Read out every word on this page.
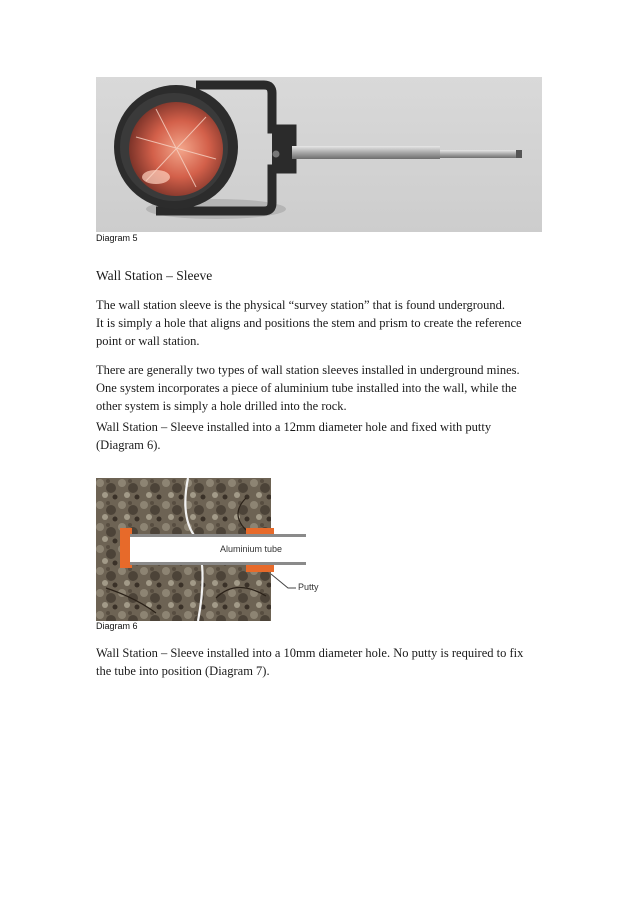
Diagram 5
Wall Station – Sleeve

The wall station sleeve is the physical “survey station” that is found underground.
It is simply a hole that aligns and positions the stem and prism to create the reference
point or wall station.

There are generally two types of wall station sleeves installed in underground mines.
One system incorporates a piece of aluminium tube installed into the wall, while the
other system is simply a hole drilled into the rock.

Wall Station – Sleeve installed into a 12mm diameter hole and fixed with putty
(Diagram 6).

Aluminium tube
Putty
Diagram 6

Wall Station – Sleeve installed into a 10mm diameter hole. No putty is required to fix
the tube into position (Diagram 7).
